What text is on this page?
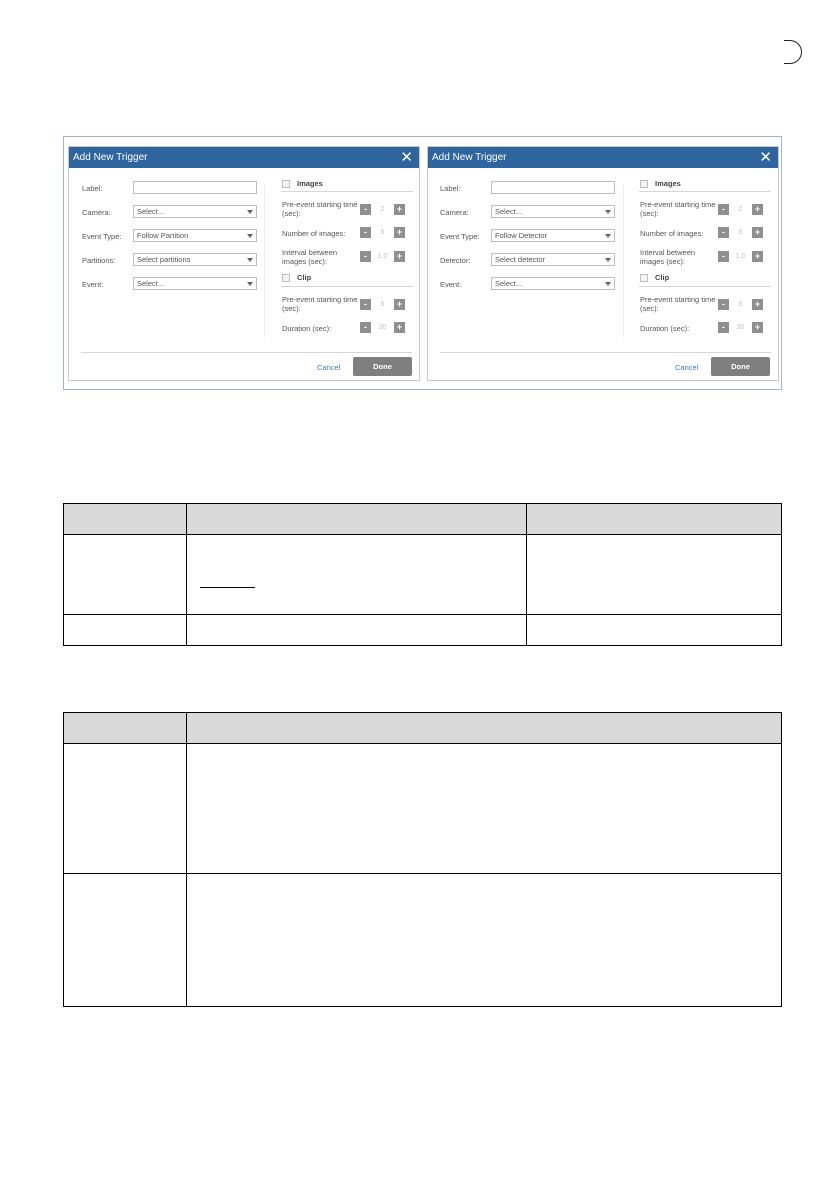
Add New Trigger	✕
Label:
Camera:	Select...
Event Type: Follow Partition
Partitions:	Select partitions
Event:	Select...
Images
Pre-event starting time (sec):	-	2	+
Number of images:	-	5	+
Interval between images (sec):
-	1.0	+
Clip
Pre-event starting time (sec):	-	5	+
Duration (sec):	-	30	+
Cancel	Done
Add New Trigger	✕
Label:
Camera:	Select...
Event Type: Follow Detector
Detector:	Select detector
Event:	Select...
Images
Pre-event starting time (sec):	-	2	+
Number of images:	-	5	+
Interval between images (sec):
-	1.0	+
Clip
Pre-event starting time (sec):	-	5	+
Duration (sec):	-	30	+
Cancel	Done
